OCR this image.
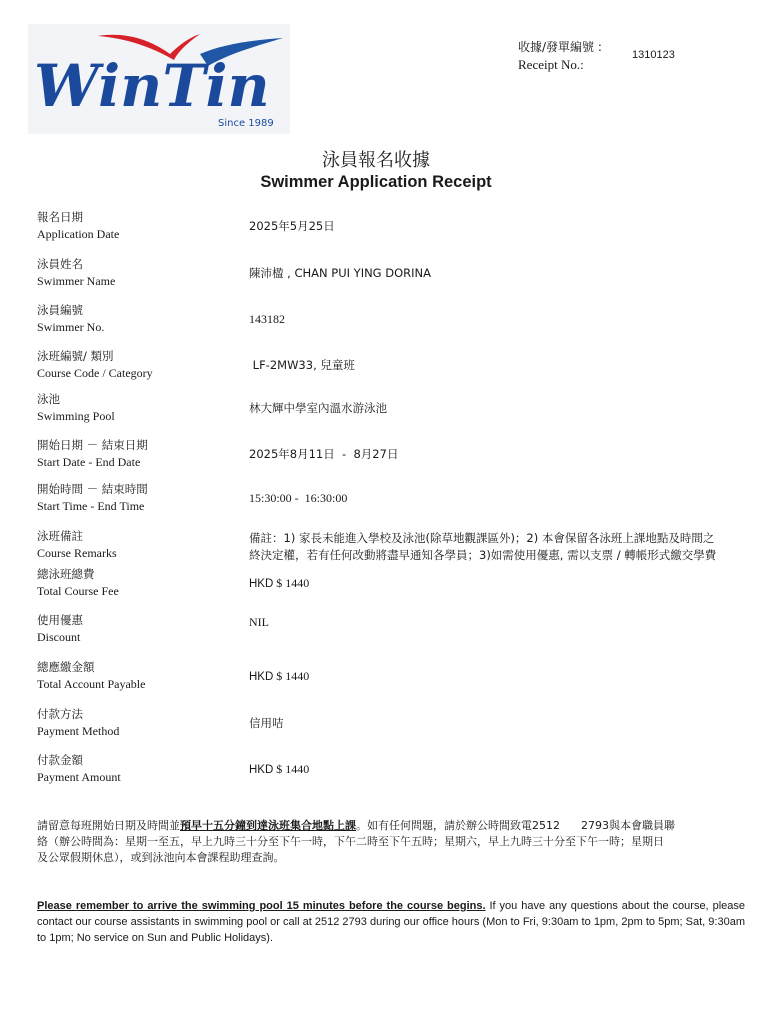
WinTin
Since 1989
收據/發單編號 :
Receipt No.:
1310123
泳員報名收據
Swimmer Application Receipt
報名日期
Application Date
2025年5月25日
泳員姓名
Swimmer Name
陳沛楹 , CHAN PUI YING DORINA
泳員編號
Swimmer No.
143182
泳班編號/ 類別
Course Code / Category
LF-2MW33, 兒童班
泳池
Swimming Pool
林大輝中學室內溫水游泳池
開始日期 － 結束日期
Start Date - End Date
2025年8月11日  -  8月27日
開始時間 － 結束時間
Start Time - End Time
15:30:00 -  16:30:00
泳班備註
Course Remarks
備註：1) 家長未能進入學校及泳池(除草地觀課區外)；2) 本會保留各泳班上課地點及時間之
終決定權，若有任何改動將盡早通知各學員；3)如需使用優惠, 需以支票 / 轉帳形式繳交學費
總泳班總費
Total Course Fee	HKD $ 1440
使用優惠
Discount
NIL
總應繳金額
Total Account Payable	HKD $ 1440
付款方法
Payment Method
信用咭
付款金額
Payment Amount	HKD $ 1440
請留意每班開始日期及時間並預早十五分鐘到達泳班集合地點上課。如有任何問題，請於辦公時間致電2512      2793與本會職員聯
絡（辦公時間為：星期一至五，早上九時三十分至下午一時，下午二時至下午五時；星期六，早上九時三十分至下午一時；星期日
及公眾假期休息），或到泳池向本會課程助理查詢。
Please remember to arrive the swimming pool 15 minutes before the course begins. If you have any questions about the course, please contact our course assistants in swimming pool or call at 2512 2793 during our office hours (Mon to Fri, 9:30am to 1pm, 2pm to 5pm; Sat, 9:30am to 1pm; No service on Sun and Public Holidays).
